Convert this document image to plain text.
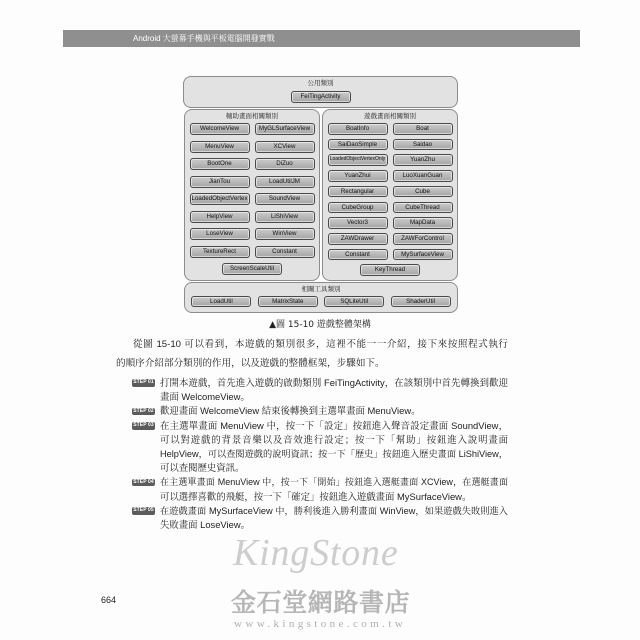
Android 大螢幕手機與平板電腦開發實戰
公用類別
FeiTingActivity
輔助畫面相關類別
WelcomeView	MyGLSurfaceView
MenuView	XCView
BootOne	DiZuo
JianTou	LoadUtilJM
LoadedObjectVertex	SoundView
HelpView	LiShiView
LoseView	WinView
TextureRect	Constant
ScreenScaleUtil
遊戲畫面相關類別
BoatInfo	Boat
SaiDaoSimple	Saidao
LoadedObjectVertexOnly	YuanZhu
YuanZhui	LuoXuanGuan
Rectangular	Cube
CubeGroup	CubeThread
Vector3	MapData
ZAWDrawer	ZAWForControl
Constant	MySurfaceView
KeyThread
相關工具類別
LoadUtil	MatrixState	SQLiteUtil	ShaderUtil
▲圖 15-10 遊戲整體架構
從圖 15-10 可以看到，本遊戲的類別很多，這裡不能一一介紹，接下來按照程式執行
的順序介紹部分類別的作用，以及遊戲的整體框架，步驟如下。
STEP 01 打開本遊戲，首先進入遊戲的啟動類別 FeiTingActivity，在該類別中首先轉換到歡迎
畫面 WelcomeView。
STEP 02 歡迎畫面 WelcomeView 結束後轉換到主選單畫面 MenuView。
STEP 03 在主選單畫面 MenuView 中，按一下「設定」按鈕進入聲音設定畫面 SoundView，
可以對遊戲的背景音樂以及音效進行設定；按一下「幫助」按鈕進入說明畫面
HelpView，可以查閱遊戲的說明資訊；按一下「歷史」按鈕進入歷史畫面 LiShiView，
可以查閱歷史資訊。
STEP 04 在主選單畫面 MenuView 中，按一下「開始」按鈕進入選艇畫面 XCView，在選艇畫面
可以選擇喜歡的飛艇，按一下「確定」按鈕進入遊戲畫面 MySurfaceView。
STEP 05 在遊戲畫面 MySurfaceView 中，勝利後進入勝利畫面 WinView，如果遊戲失敗則進入
失敗畫面 LoseView。
664
KingStone
金石堂網路書店
www.kingstone.com.tw
